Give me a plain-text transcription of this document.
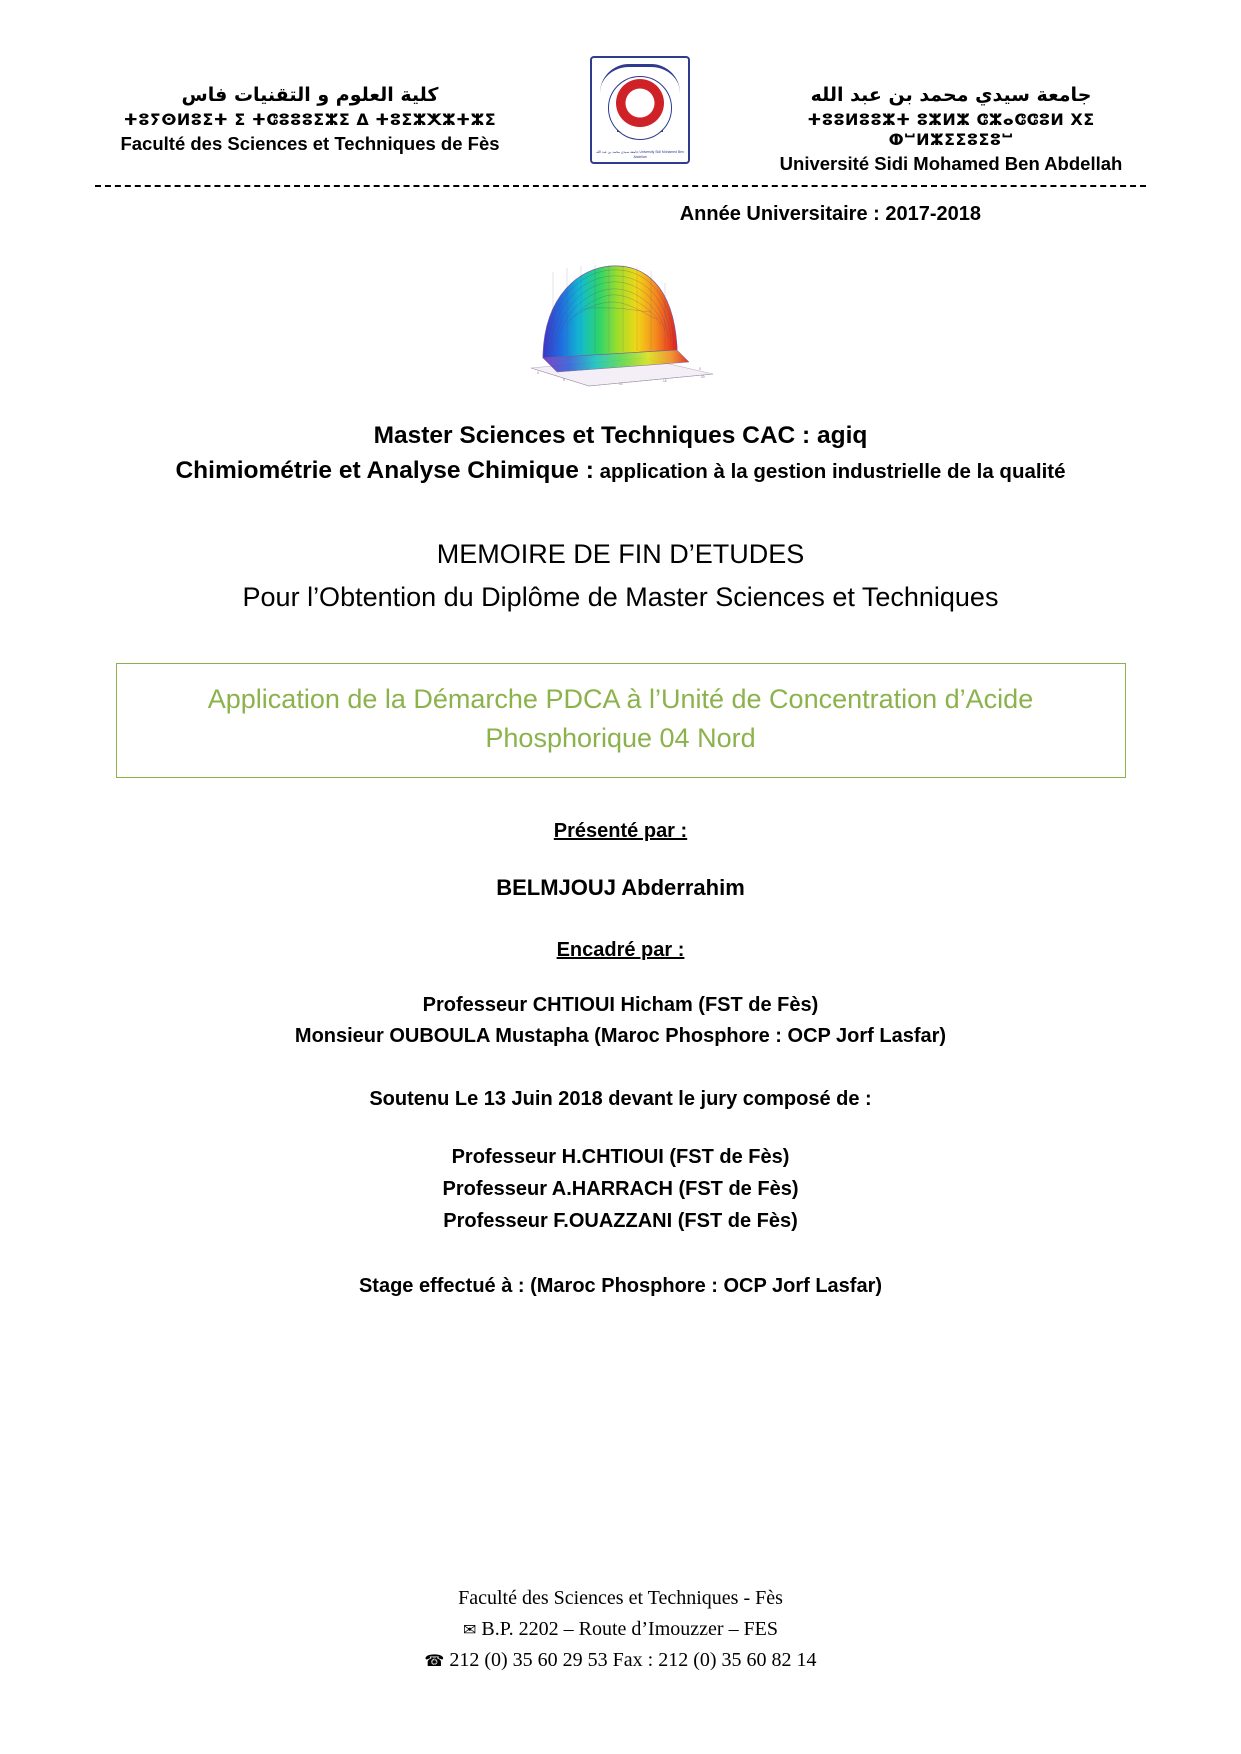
كلية العلوم و التقنيات فاس
ⵜⵓⵢⵙⵍⵓⵉⵜ ⵉ ⵜⵛⵓⵓⵓⵉⵣⵉ ⵠ ⵜⵓⵉⵣⵅⵣⵜⵣⵉ
Faculté des Sciences et Techniques de Fès	جامعة سيدي محمد بن عبد الله University Sidi Mohamed Ben Abdellah
جامعة سيدي محمد بن عبد الله
ⵜⵓⵓⵍⵓⵓⵣⵜ ⵓⵣⵍⵣ ⵛⵣⴰⵛⵛⵓⵍ ⵝⵉ ⵀⵯⵍⵣⵉⵉⵓⵉⵓⵯ
Université Sidi Mohamed Ben Abdellah
Année Universitaire : 2017-2018
0
5
10
15
20
0
Master Sciences et Techniques CAC : agiq
Chimiométrie et Analyse Chimique : application à la gestion industrielle de la qualité
MEMOIRE DE FIN D’ETUDES
Pour l’Obtention du Diplôme de Master Sciences et Techniques
Application de la Démarche PDCA à l’Unité de Concentration d’Acide Phosphorique 04 Nord
Présenté par :
BELMJOUJ Abderrahim
Encadré par :
Professeur CHTIOUI Hicham (FST de Fès)
Monsieur OUBOULA Mustapha (Maroc Phosphore : OCP Jorf Lasfar)
Soutenu Le 13 Juin 2018 devant le jury composé de :
Professeur H.CHTIOUI (FST de Fès)
Professeur A.HARRACH (FST de Fès)
Professeur F.OUAZZANI (FST de Fès)
Stage effectué à : (Maroc Phosphore : OCP Jorf Lasfar)
Faculté des Sciences et Techniques - Fès
✉ B.P. 2202 – Route d’Imouzzer – FES
☎ 212 (0) 35 60 29 53 Fax : 212 (0) 35 60 82 14
